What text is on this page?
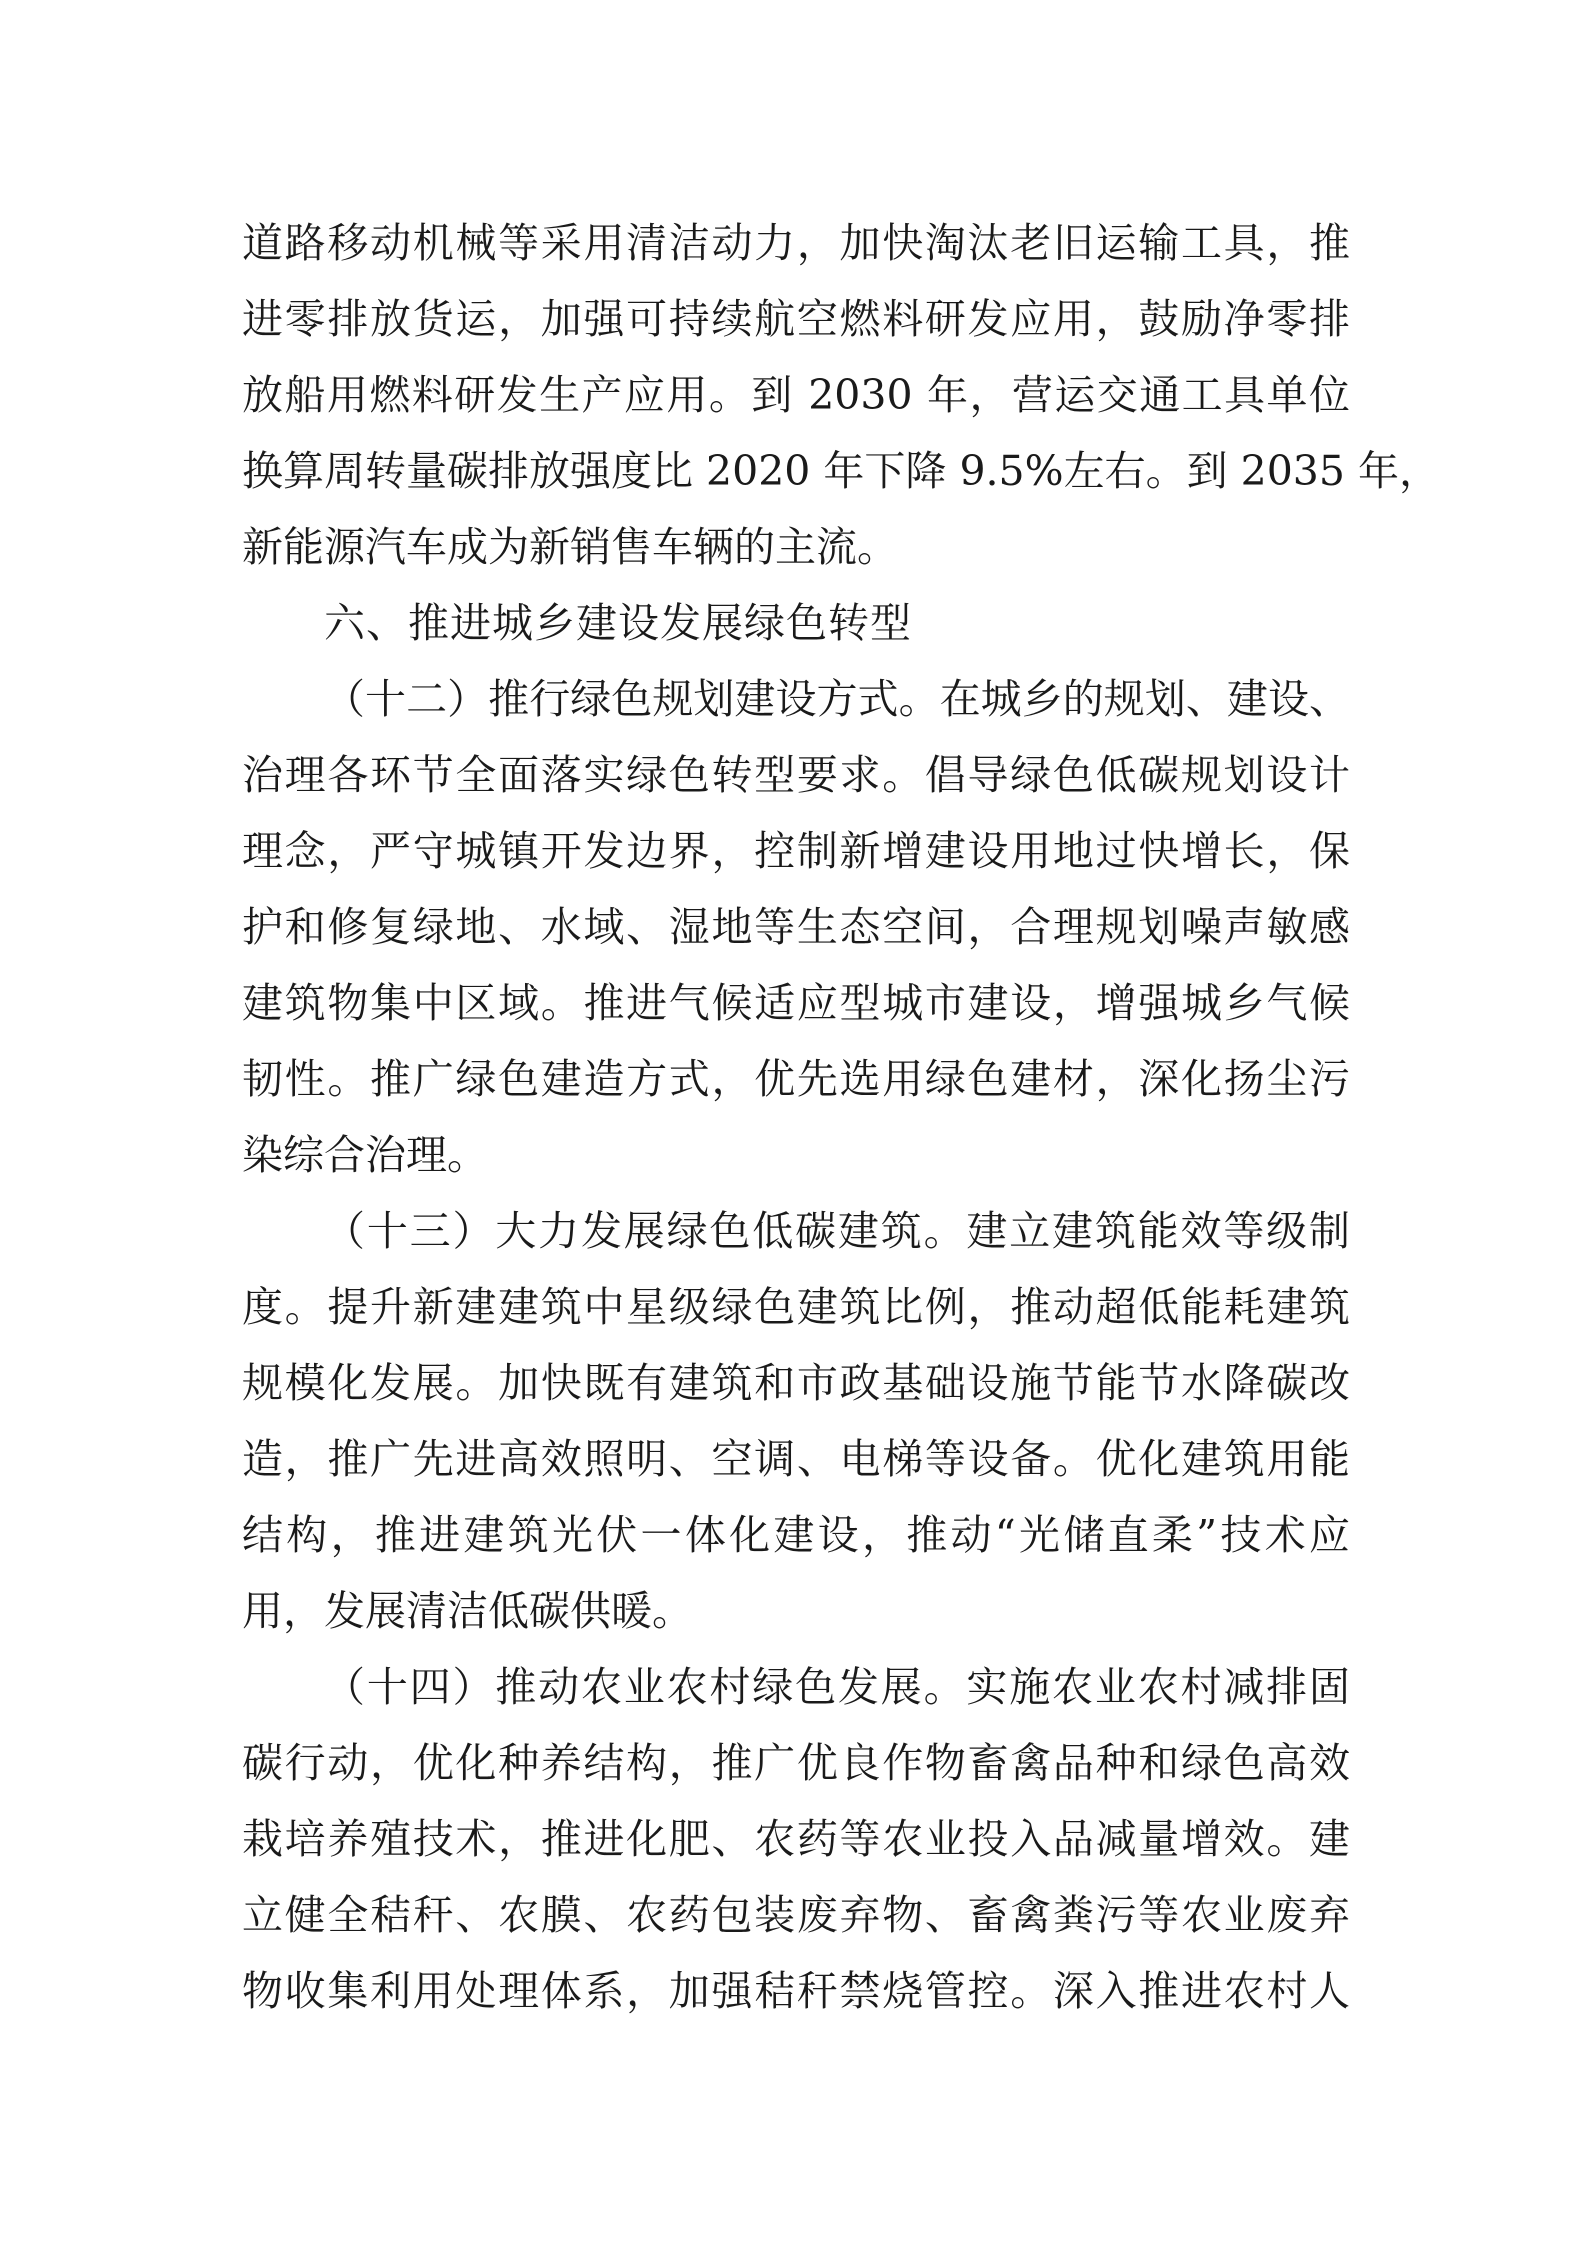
道路移动机械等采用清洁动力，加快淘汰老旧运输工具，推
进零排放货运，加强可持续航空燃料研发应用，鼓励净零排
放船用燃料研发生产应用。到 2030 年，营运交通工具单位
换算周转量碳排放强度比 2020 年下降 9.5%左右。到 2035 年，
新能源汽车成为新销售车辆的主流。
六、推进城乡建设发展绿色转型
（十二）推行绿色规划建设方式。在城乡的规划、建设、
治理各环节全面落实绿色转型要求。倡导绿色低碳规划设计
理念，严守城镇开发边界，控制新增建设用地过快增长，保
护和修复绿地、水域、湿地等生态空间，合理规划噪声敏感
建筑物集中区域。推进气候适应型城市建设，增强城乡气候
韧性。推广绿色建造方式，优先选用绿色建材，深化扬尘污
染综合治理。
（十三）大力发展绿色低碳建筑。建立建筑能效等级制
度。提升新建建筑中星级绿色建筑比例，推动超低能耗建筑
规模化发展。加快既有建筑和市政基础设施节能节水降碳改
造，推广先进高效照明、空调、电梯等设备。优化建筑用能
结构，推进建筑光伏一体化建设，推动“光储直柔”技术应
用，发展清洁低碳供暖。
（十四）推动农业农村绿色发展。实施农业农村减排固
碳行动，优化种养结构，推广优良作物畜禽品种和绿色高效
栽培养殖技术，推进化肥、农药等农业投入品减量增效。建
立健全秸秆、农膜、农药包装废弃物、畜禽粪污等农业废弃
物收集利用处理体系，加强秸秆禁烧管控。深入推进农村人
